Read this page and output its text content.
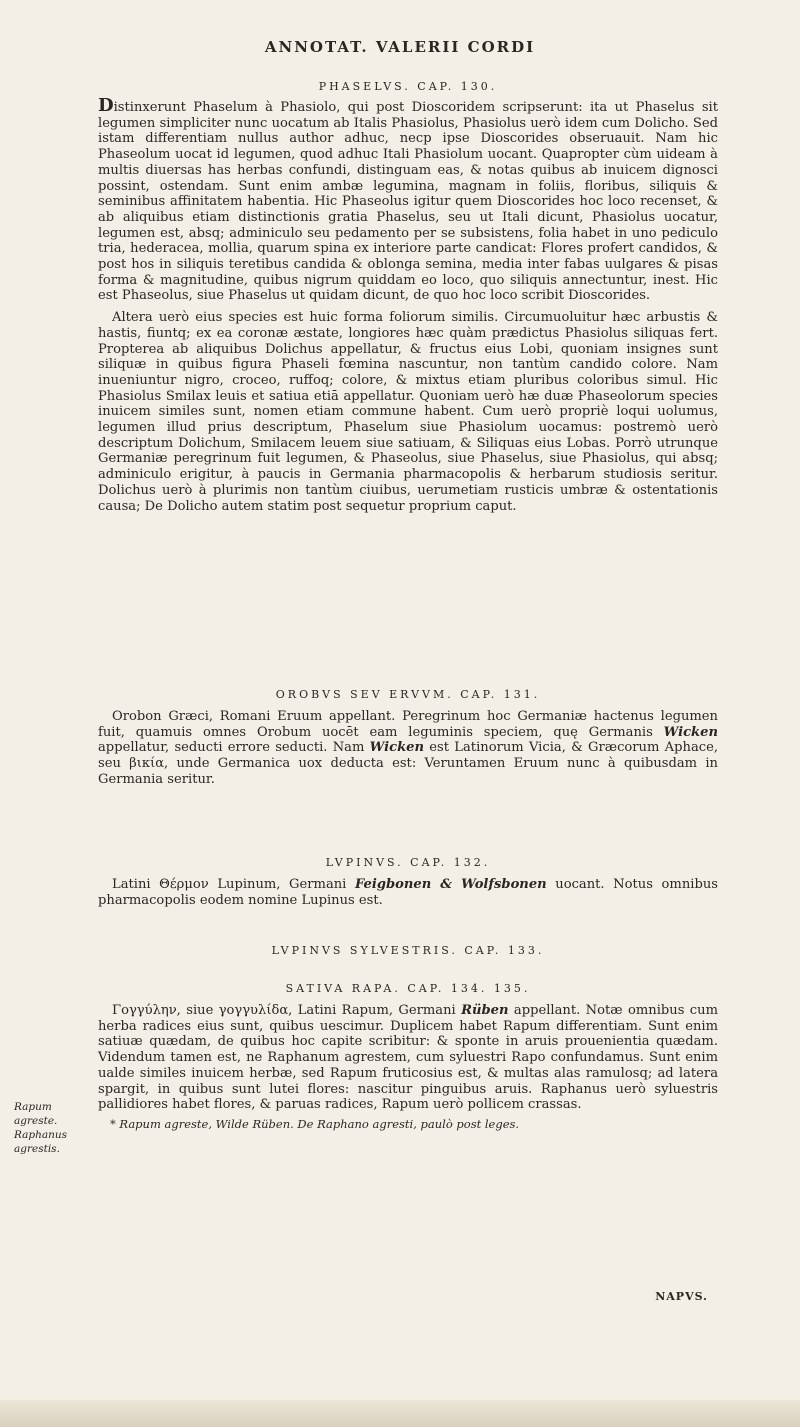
ANNOTAT. VALERII CORDI

PHASELVS. CAP. 130.

Distinxerunt Phaselum à Phasiolo, qui post Dioscoridem scripserunt: ita ut Phaselus sit legumen simpliciter nunc uocatum ab Italis Phasiolus, Phasiolus uerò idem cum Dolicho. Sed istam differentiam nullus author adhuc, necp ipse Dioscorides obseruauit. Nam hic Phaseolum uocat id legumen, quod adhuc Itali Phasiolum uocant. Quapropter cùm uideam à multis diuersas has herbas confundi, distinguam eas, & notas quibus ab inuicem dignosci possint, ostendam. Sunt enim ambæ legumina, magnam in foliis, floribus, siliquis & seminibus affinitatem habentia. Hic Phaseolus igitur quem Dioscorides hoc loco recenset, & ab aliquibus etiam distinctionis gratia Phaselus, seu ut Itali dicunt, Phasiolus uocatur, legumen est, absq; adminiculo seu pedamento per se subsistens, folia habet in uno pediculo tria, hederacea, mollia, quarum spina ex interiore parte candicat: Flores profert candidos, & post hos in siliquis teretibus candida & oblonga semina, media inter fabas uulgares & pisas forma & magnitudine, quibus nigrum quiddam eo loco, quo siliquis annectuntur, inest. Hic est Phaseolus, siue Phaselus ut quidam dicunt, de quo hoc loco scribit Dioscorides.

Altera uerò eius species est huic forma foliorum similis. Circumuoluitur hæc arbustis & hastis, fiuntq; ex ea coronæ æstate, longiores hæc quàm prædictus Phasiolus siliquas fert. Propterea ab aliquibus Dolichus appellatur, & fructus eius Lobi, quoniam insignes sunt siliquæ in quibus figura Phaseli fœmina nascuntur, non tantùm candido colore. Nam inueniuntur nigro, croceo, ruffoq; colore, & mixtus etiam pluribus coloribus simul. Hic Phasiolus Smilax leuis et satiua etiā appellatur. Quoniam uerò hæ duæ Phaseolorum species inuicem similes sunt, nomen etiam commune habent. Cum uerò propriè loqui uolumus, legumen illud prius descriptum, Phaselum siue Phasiolum uocamus: postremò uerò descriptum Dolichum, Smilacem leuem siue satiuam, & Siliquas eius Lobas. Porrò utrunque Germaniæ peregrinum fuit legumen, & Phaseolus, siue Phaselus, siue Phasiolus, qui absq; adminiculo erigitur, à paucis in Germania pharmacopolis & herbarum studiosis seritur. Dolichus uerò à plurimis non tantùm ciuibus, uerumetiam rusticis umbræ & ostentationis causa; De Dolicho autem statim post sequetur proprium caput.

OROBVS SEV ERVVM. CAP. 131.

Orobon Græci, Romani Eruum appellant. Peregrinum hoc Germaniæ hactenus legumen fuit, quamuis omnes Orobum uocēt eam leguminis speciem, quę Germanis Wicken appellatur, seducti errore seducti. Nam Wicken est Latinorum Vicia, & Græcorum Aphace, seu βικία, unde Germanica uox deducta est: Veruntamen Eruum nunc à quibusdam in Germania seritur.

LVPINVS. CAP. 132.

Latini Θέρμον Lupinum, Germani Feigbonen & Wolfsbonen uocant. Notus omnibus pharmacopolis eodem nomine Lupinus est.

LVPINVS SYLVESTRIS. CAP. 133.

SATIVA RAPA. CAP. 134. 135.

Γογγύλην, siue γογγυλίδα, Latini Rapum, Germani Rüben appellant. Notæ omnibus cum herba radices eius sunt, quibus uescimur. Duplicem habet Rapum differentiam. Sunt enim satiuæ quædam, de quibus hoc capite scribitur: & sponte in aruis prouenientia quædam. Videndum tamen est, ne Raphanum agrestem, cum syluestri Rapo confundamus. Sunt enim ualde similes inuicem herbæ, sed Rapum fruticosius est, & multas alas ramulosq; ad latera spargit, in quibus sunt lutei flores: nascitur pinguibus aruis. Raphanus uerò syluestris pallidiores habet flores, & paruas radices, Rapum uerò pollicem crassas.

* Rapum agreste, Wilde Rüben. De Raphano agresti, paulò post leges.

Rapum agreste. Raphanus agrestis.
NAPVS.
